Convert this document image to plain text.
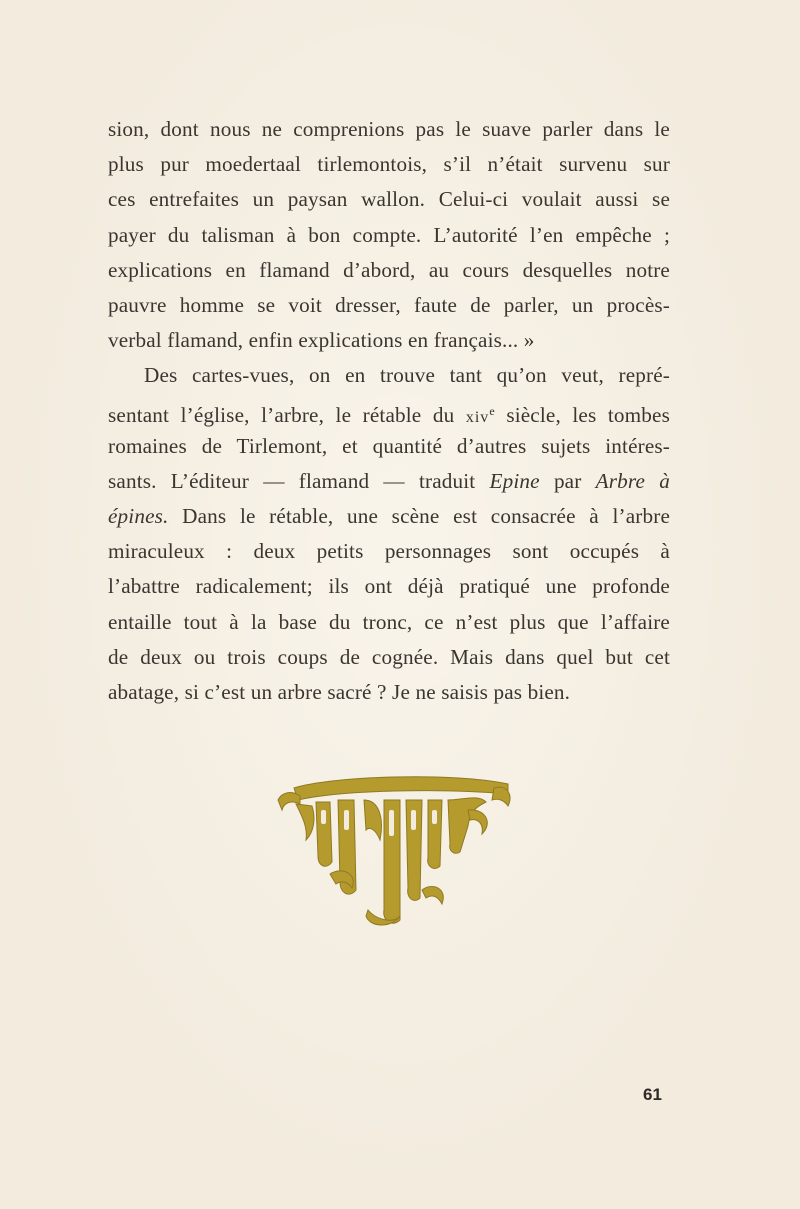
sion, dont nous ne comprenions pas le suave parler dans le
plus pur moedertaal tirlemontois, s’il n’était survenu sur
ces entrefaites un paysan wallon. Celui-ci voulait aussi se
payer du talisman à bon compte. L’autorité l’en empêche ;
explications en flamand d’abord, au cours desquelles notre
pauvre homme se voit dresser, faute de parler, un procès-
verbal flamand, enfin explications en français... »
Des cartes-vues, on en trouve tant qu’on veut, repré-
sentant l’église, l’arbre, le rétable du xiv$^e$ siècle, les tombes
romaines de Tirlemont, et quantité d’autres sujets intéres-
sants. L’éditeur — flamand — traduit Epine par Arbre à
épines. Dans le rétable, une scène est consacrée à l’arbre
miraculeux : deux petits personnages sont occupés à
l’abattre radicalement; ils ont déjà pratiqué une profonde
entaille tout à la base du tronc, ce n’est plus que l’affaire
de deux ou trois coups de cognée. Mais dans quel but cet
abatage, si c’est un arbre sacré ? Je ne saisis pas bien.
61
